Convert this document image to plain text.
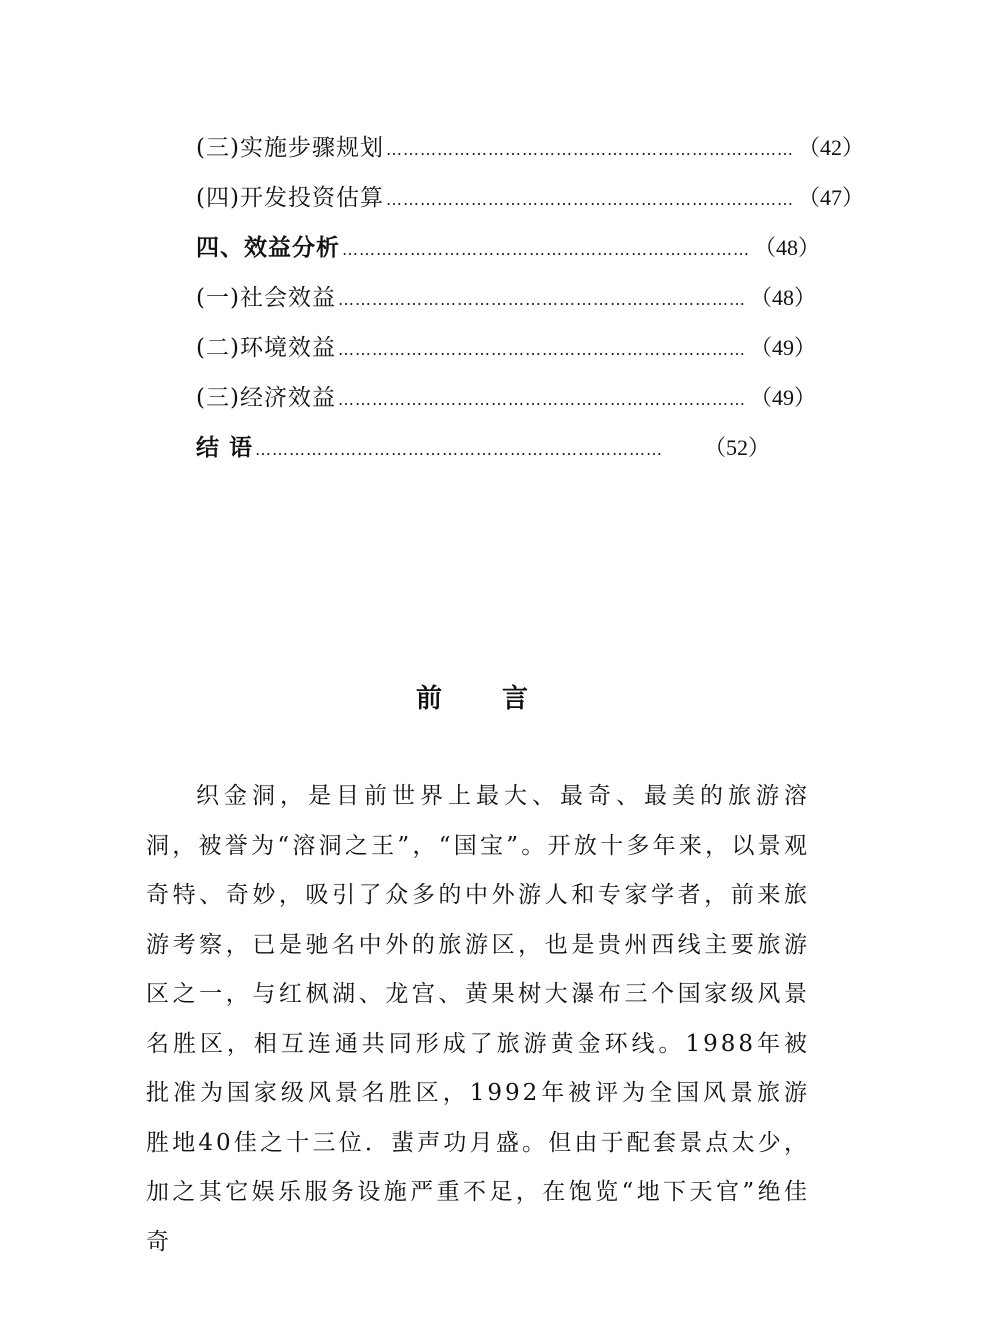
(三)实施步骤规划 ……………………………………………………………… （42）
(四)开发投资估算 ……………………………………………………………… （47）
四、效益分析 ……………………………………………………………… （48）
(一)社会效益 ……………………………………………………………… （48）
(二)环境效益 ……………………………………………………………… （49）
(三)经济效益 ……………………………………………………………… （49）
结 语 ………………………………………………………………	（52）
前言
织金洞，是目前世界上最大、最奇、最美的旅游溶洞，被誉为“溶洞之王”，“国宝”。开放十多年来，以景观奇特、奇妙，吸引了众多的中外游人和专家学者，前来旅游考察，已是驰名中外的旅游区，也是贵州西线主要旅游区之一，与红枫湖、龙宫、黄果树大瀑布三个国家级风景名胜区，相互连通共同形成了旅游黄金环线。1988年被批准为国家级风景名胜区，1992年被评为全国风景旅游胜地40佳之十三位．蜚声功月盛。但由于配套景点太少，加之其它娱乐服务设施严重不足，在饱览“地下天官”绝佳奇
